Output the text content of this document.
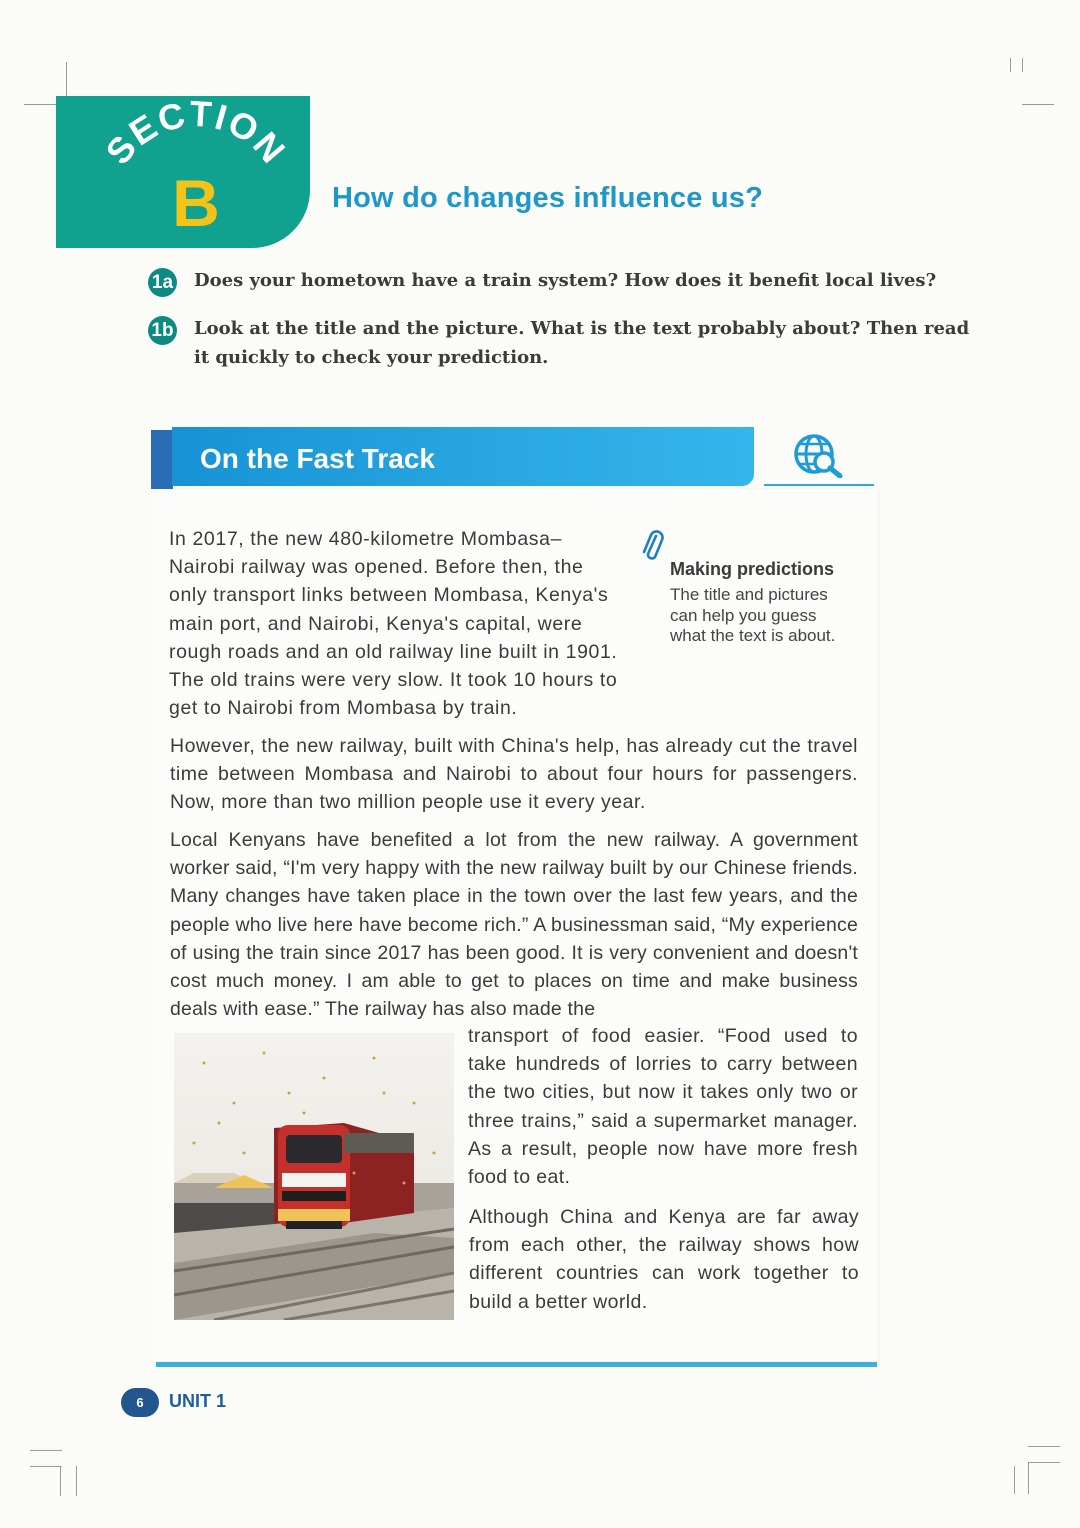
SECTION
B	How do changes influence us?
1a Does your hometown have a train system? How does it benefit local lives?
1b Look at the title and the picture. What is the text probably about? Then read
it quickly to check your prediction.
On the Fast Track

In 2017, the new 480-kilometre Mombasa–Nairobi railway was opened. Before then, the only transport links between Mombasa, Kenya's main port, and Nairobi, Kenya's capital, were rough roads and an old railway line built in 1901. The old trains were very slow. It took 10 hours to get to Nairobi from Mombasa by train.

However, the new railway, built with China's help, has already cut the travel time between Mombasa and Nairobi to about four hours for passengers. Now, more than two million people use it every year.

Local Kenyans have benefited a lot from the new railway. A government worker said, “I'm very happy with the new railway built by our Chinese friends. Many changes have taken place in the town over the last few years, and the people who live here have become rich.” A businessman said, “My experience of using the train since 2017 has been good. It is very convenient and doesn't cost much money. I am able to get to places on time and make business deals with ease.” The railway has also made the

transport of food easier. “Food used to take hundreds of lorries to carry between the two cities, but now it takes only two or three trains,” said a supermarket manager. As a result, people now have more fresh food to eat.

Although China and Kenya are far away from each other, the railway shows how different countries can work together to build a better world.

Making predictions
The title and pictures can help you guess what the text is about.
6	UNIT 1
